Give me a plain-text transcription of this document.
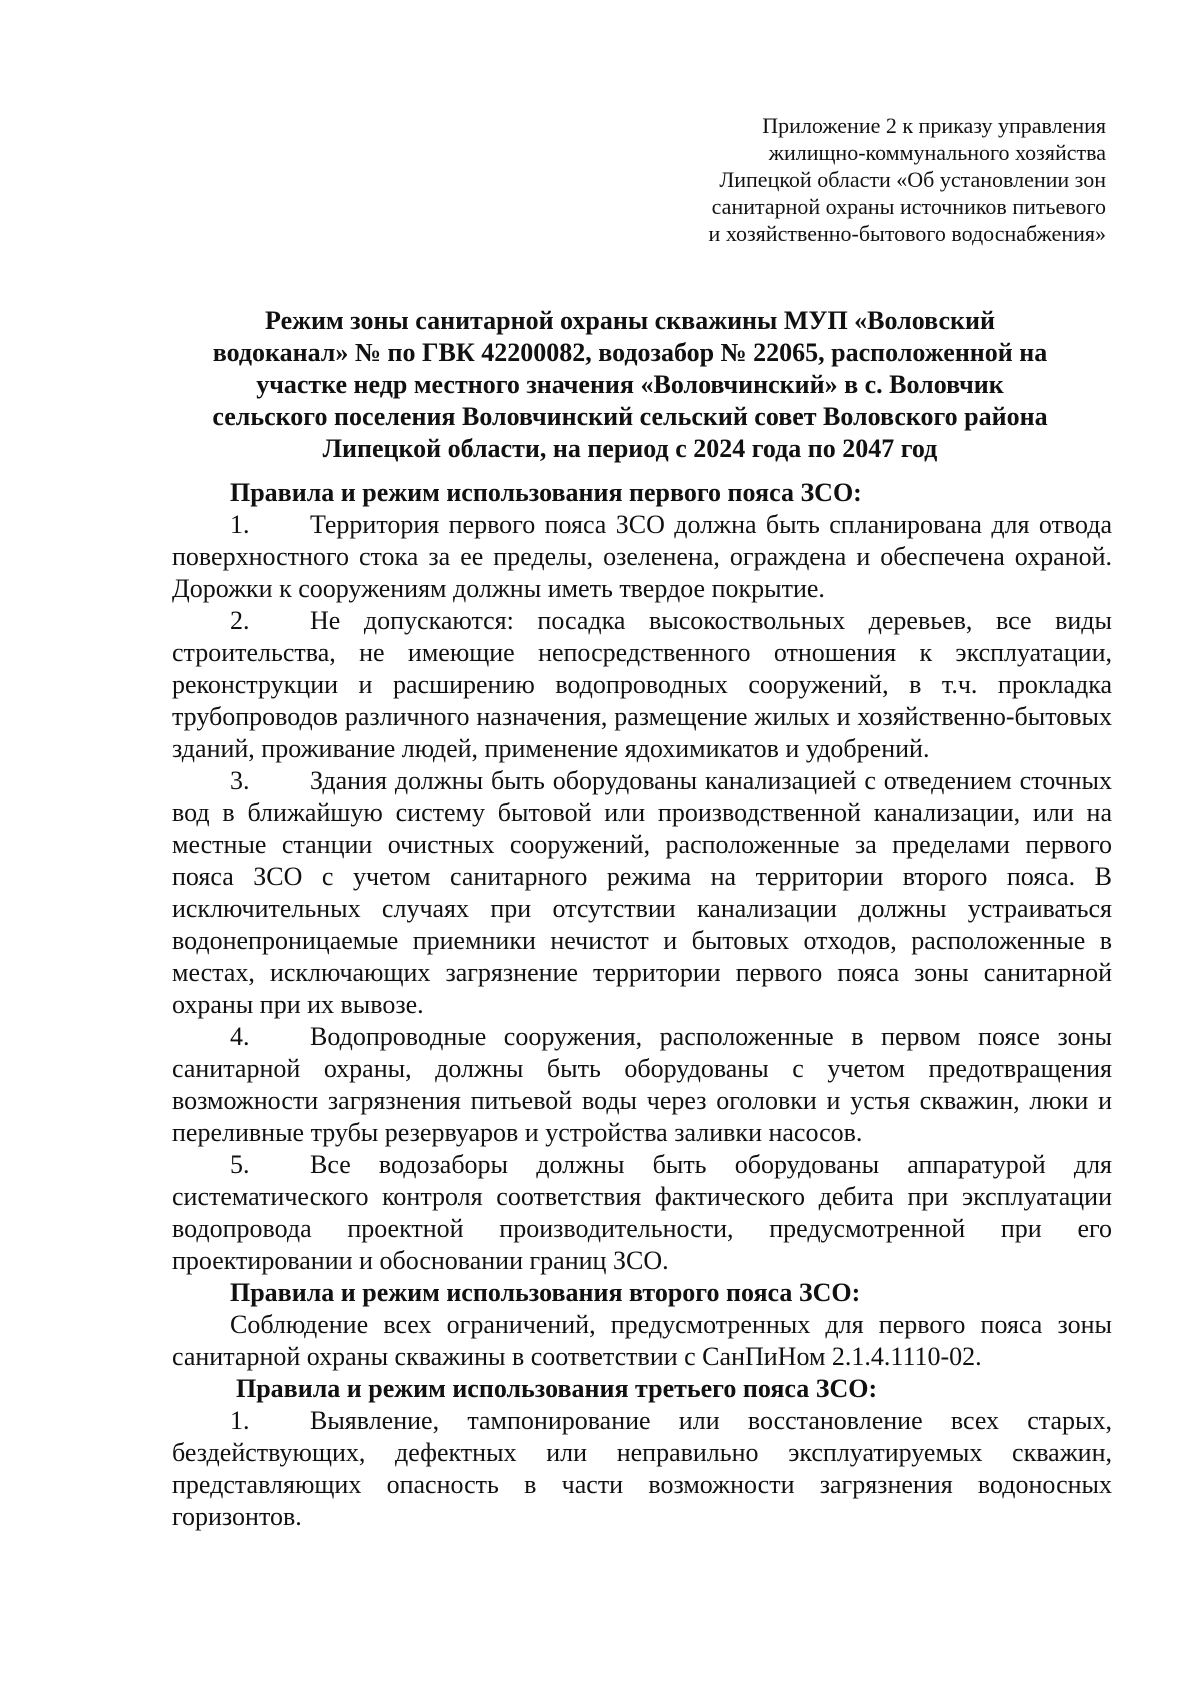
Приложение 2 к приказу управления
жилищно-коммунального хозяйства
Липецкой области «Об установлении зон
санитарной охраны источников питьевого
и хозяйственно-бытового водоснабжения»
Режим зоны санитарной охраны скважины МУП «Воловский
водоканал» № по ГВК 42200082, водозабор № 22065, расположенной на
участке недр местного значения «Воловчинский» в с. Воловчик
сельского поселения Воловчинский сельский совет Воловского района
Липецкой области, на период с 2024 года по 2047 год

Правила и режим использования первого пояса ЗСО:

1. Территория первого пояса ЗСО должна быть спланирована для отвода поверхностного стока за ее пределы, озеленена, ограждена и обеспечена охраной. Дорожки к сооружениям должны иметь твердое покрытие.

2. Не допускаются: посадка высокоствольных деревьев, все виды строительства, не имеющие непосредственного отношения к эксплуатации, реконструкции и расширению водопроводных сооружений, в т.ч. прокладка трубопроводов различного назначения, размещение жилых и хозяйственно-бытовых зданий, проживание людей, применение ядохимикатов и удобрений.

3. Здания должны быть оборудованы канализацией с отведением сточных вод в ближайшую систему бытовой или производственной канализации, или на местные станции очистных сооружений, расположенные за пределами первого пояса ЗСО с учетом санитарного режима на территории второго пояса. В исключительных случаях при отсутствии канализации должны устраиваться водонепроницаемые приемники нечистот и бытовых отходов, расположенные в местах, исключающих загрязнение территории первого пояса зоны санитарной охраны при их вывозе.

4. Водопроводные сооружения, расположенные в первом поясе зоны санитарной охраны, должны быть оборудованы с учетом предотвращения возможности загрязнения питьевой воды через оголовки и устья скважин, люки и переливные трубы резервуаров и устройства заливки насосов.

5. Все водозаборы должны быть оборудованы аппаратурой для систематического контроля соответствия фактического дебита при эксплуатации водопровода проектной производительности, предусмотренной при его проектировании и обосновании границ ЗСО.

Правила и режим использования второго пояса ЗСО:

Соблюдение всех ограничений, предусмотренных для первого пояса зоны санитарной охраны скважины в соответствии с СанПиНом 2.1.4.1110-02.

Правила и режим использования третьего пояса ЗСО:

1. Выявление, тампонирование или восстановление всех старых, бездействующих, дефектных или неправильно эксплуатируемых скважин, представляющих опасность в части возможности загрязнения водоносных горизонтов.
